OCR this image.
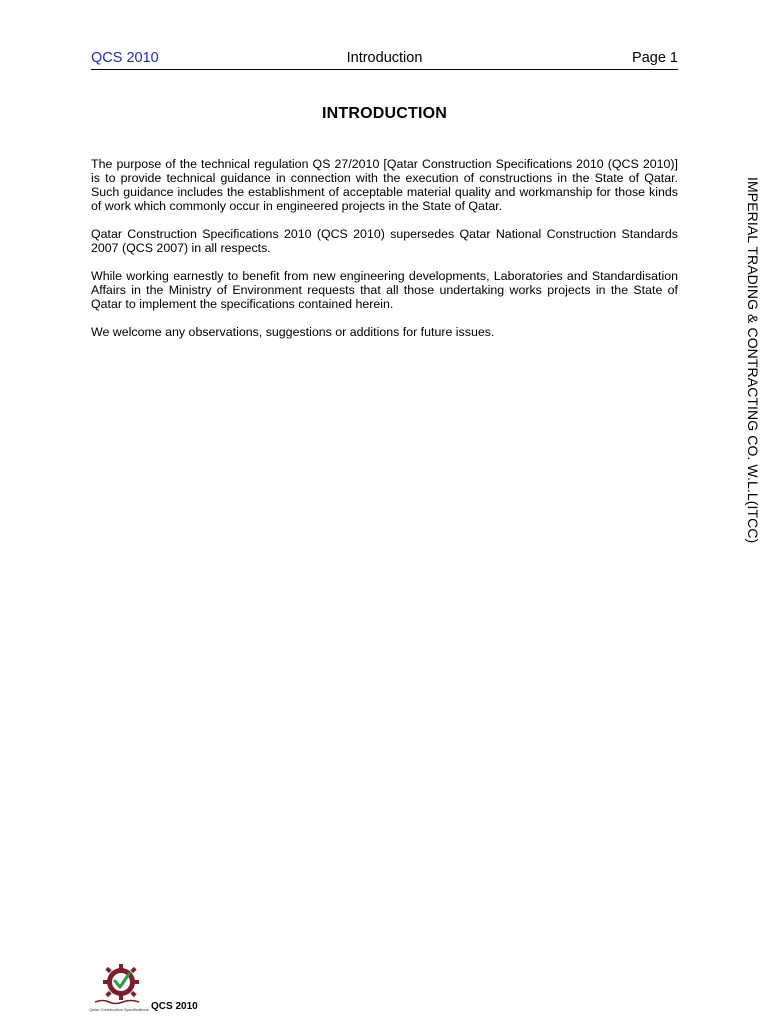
QCS 2010	Introduction	Page 1
INTRODUCTION

The purpose of the technical regulation QS 27/2010 [Qatar Construction Specifications 2010 (QCS 2010)] is to provide technical guidance in connection with the execution of constructions in the State of Qatar. Such guidance includes the establishment of acceptable material quality and workmanship for those kinds of work which commonly occur in engineered projects in the State of Qatar.

Qatar Construction Specifications 2010 (QCS 2010) supersedes Qatar National Construction Standards 2007 (QCS 2007) in all respects.

While working earnestly to benefit from new engineering developments, Laboratories and Standardisation Affairs in the Ministry of Environment requests that all those undertaking works projects in the State of Qatar to implement the specifications contained herein.

We welcome any observations, suggestions or additions for future issues.	IMPERIAL TRADING & CONTRACTING CO. W.L.L(ITCC)
Qatar Construction Specifications QCS 2010
